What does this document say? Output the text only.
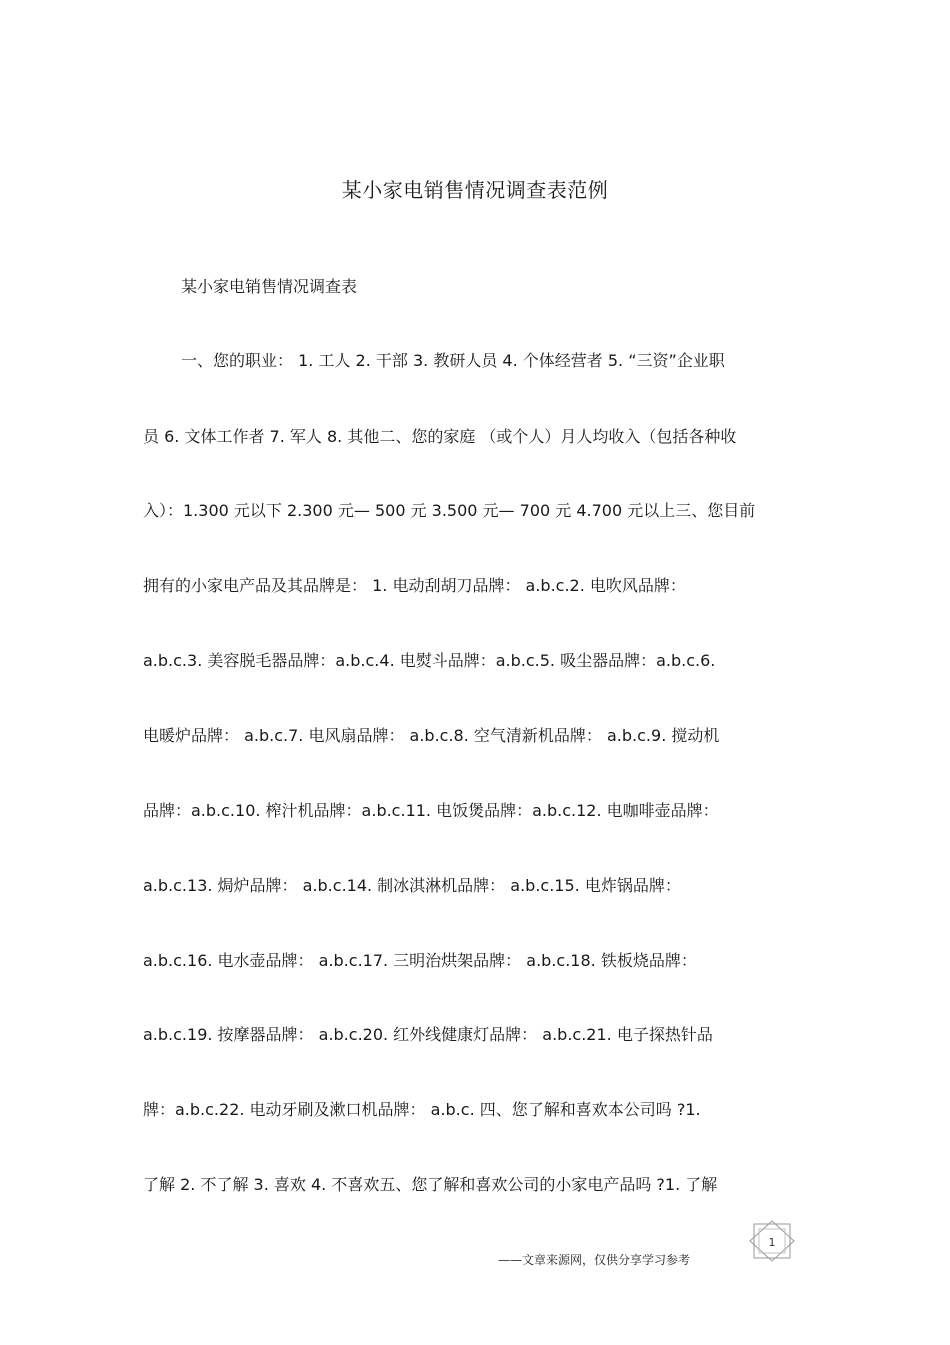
某小家电销售情况调查表范例
某小家电销售情况调查表
一、您的职业： 1. 工人 2. 干部 3. 教研人员 4. 个体经营者 5. “三资”企业职
员 6. 文体工作者 7. 军人 8. 其他二、您的家庭 （或个人）月人均收入（包括各种收
入）：1.300 元以下 2.300 元— 500 元 3.500 元— 700 元 4.700 元以上三、您目前
拥有的小家电产品及其品牌是： 1. 电动刮胡刀品牌： a.b.c.2. 电吹风品牌：
a.b.c.3. 美容脱毛器品牌：a.b.c.4. 电熨斗品牌：a.b.c.5. 吸尘器品牌：a.b.c.6.
电暖炉品牌： a.b.c.7. 电风扇品牌： a.b.c.8. 空气清新机品牌： a.b.c.9. 搅动机
品牌：a.b.c.10. 榨汁机品牌：a.b.c.11. 电饭煲品牌：a.b.c.12. 电咖啡壶品牌：
a.b.c.13. 焗炉品牌： a.b.c.14. 制冰淇淋机品牌： a.b.c.15. 电炸锅品牌：
a.b.c.16. 电水壶品牌： a.b.c.17. 三明治烘架品牌： a.b.c.18. 铁板烧品牌：
a.b.c.19. 按摩器品牌： a.b.c.20. 红外线健康灯品牌： a.b.c.21. 电子探热针品
牌：a.b.c.22. 电动牙刷及漱口机品牌： a.b.c. 四、您了解和喜欢本公司吗 ?1.
了解 2. 不了解 3. 喜欢 4. 不喜欢五、您了解和喜欢公司的小家电产品吗 ?1. 了解
1
——文章来源网，仅供分享学习参考
